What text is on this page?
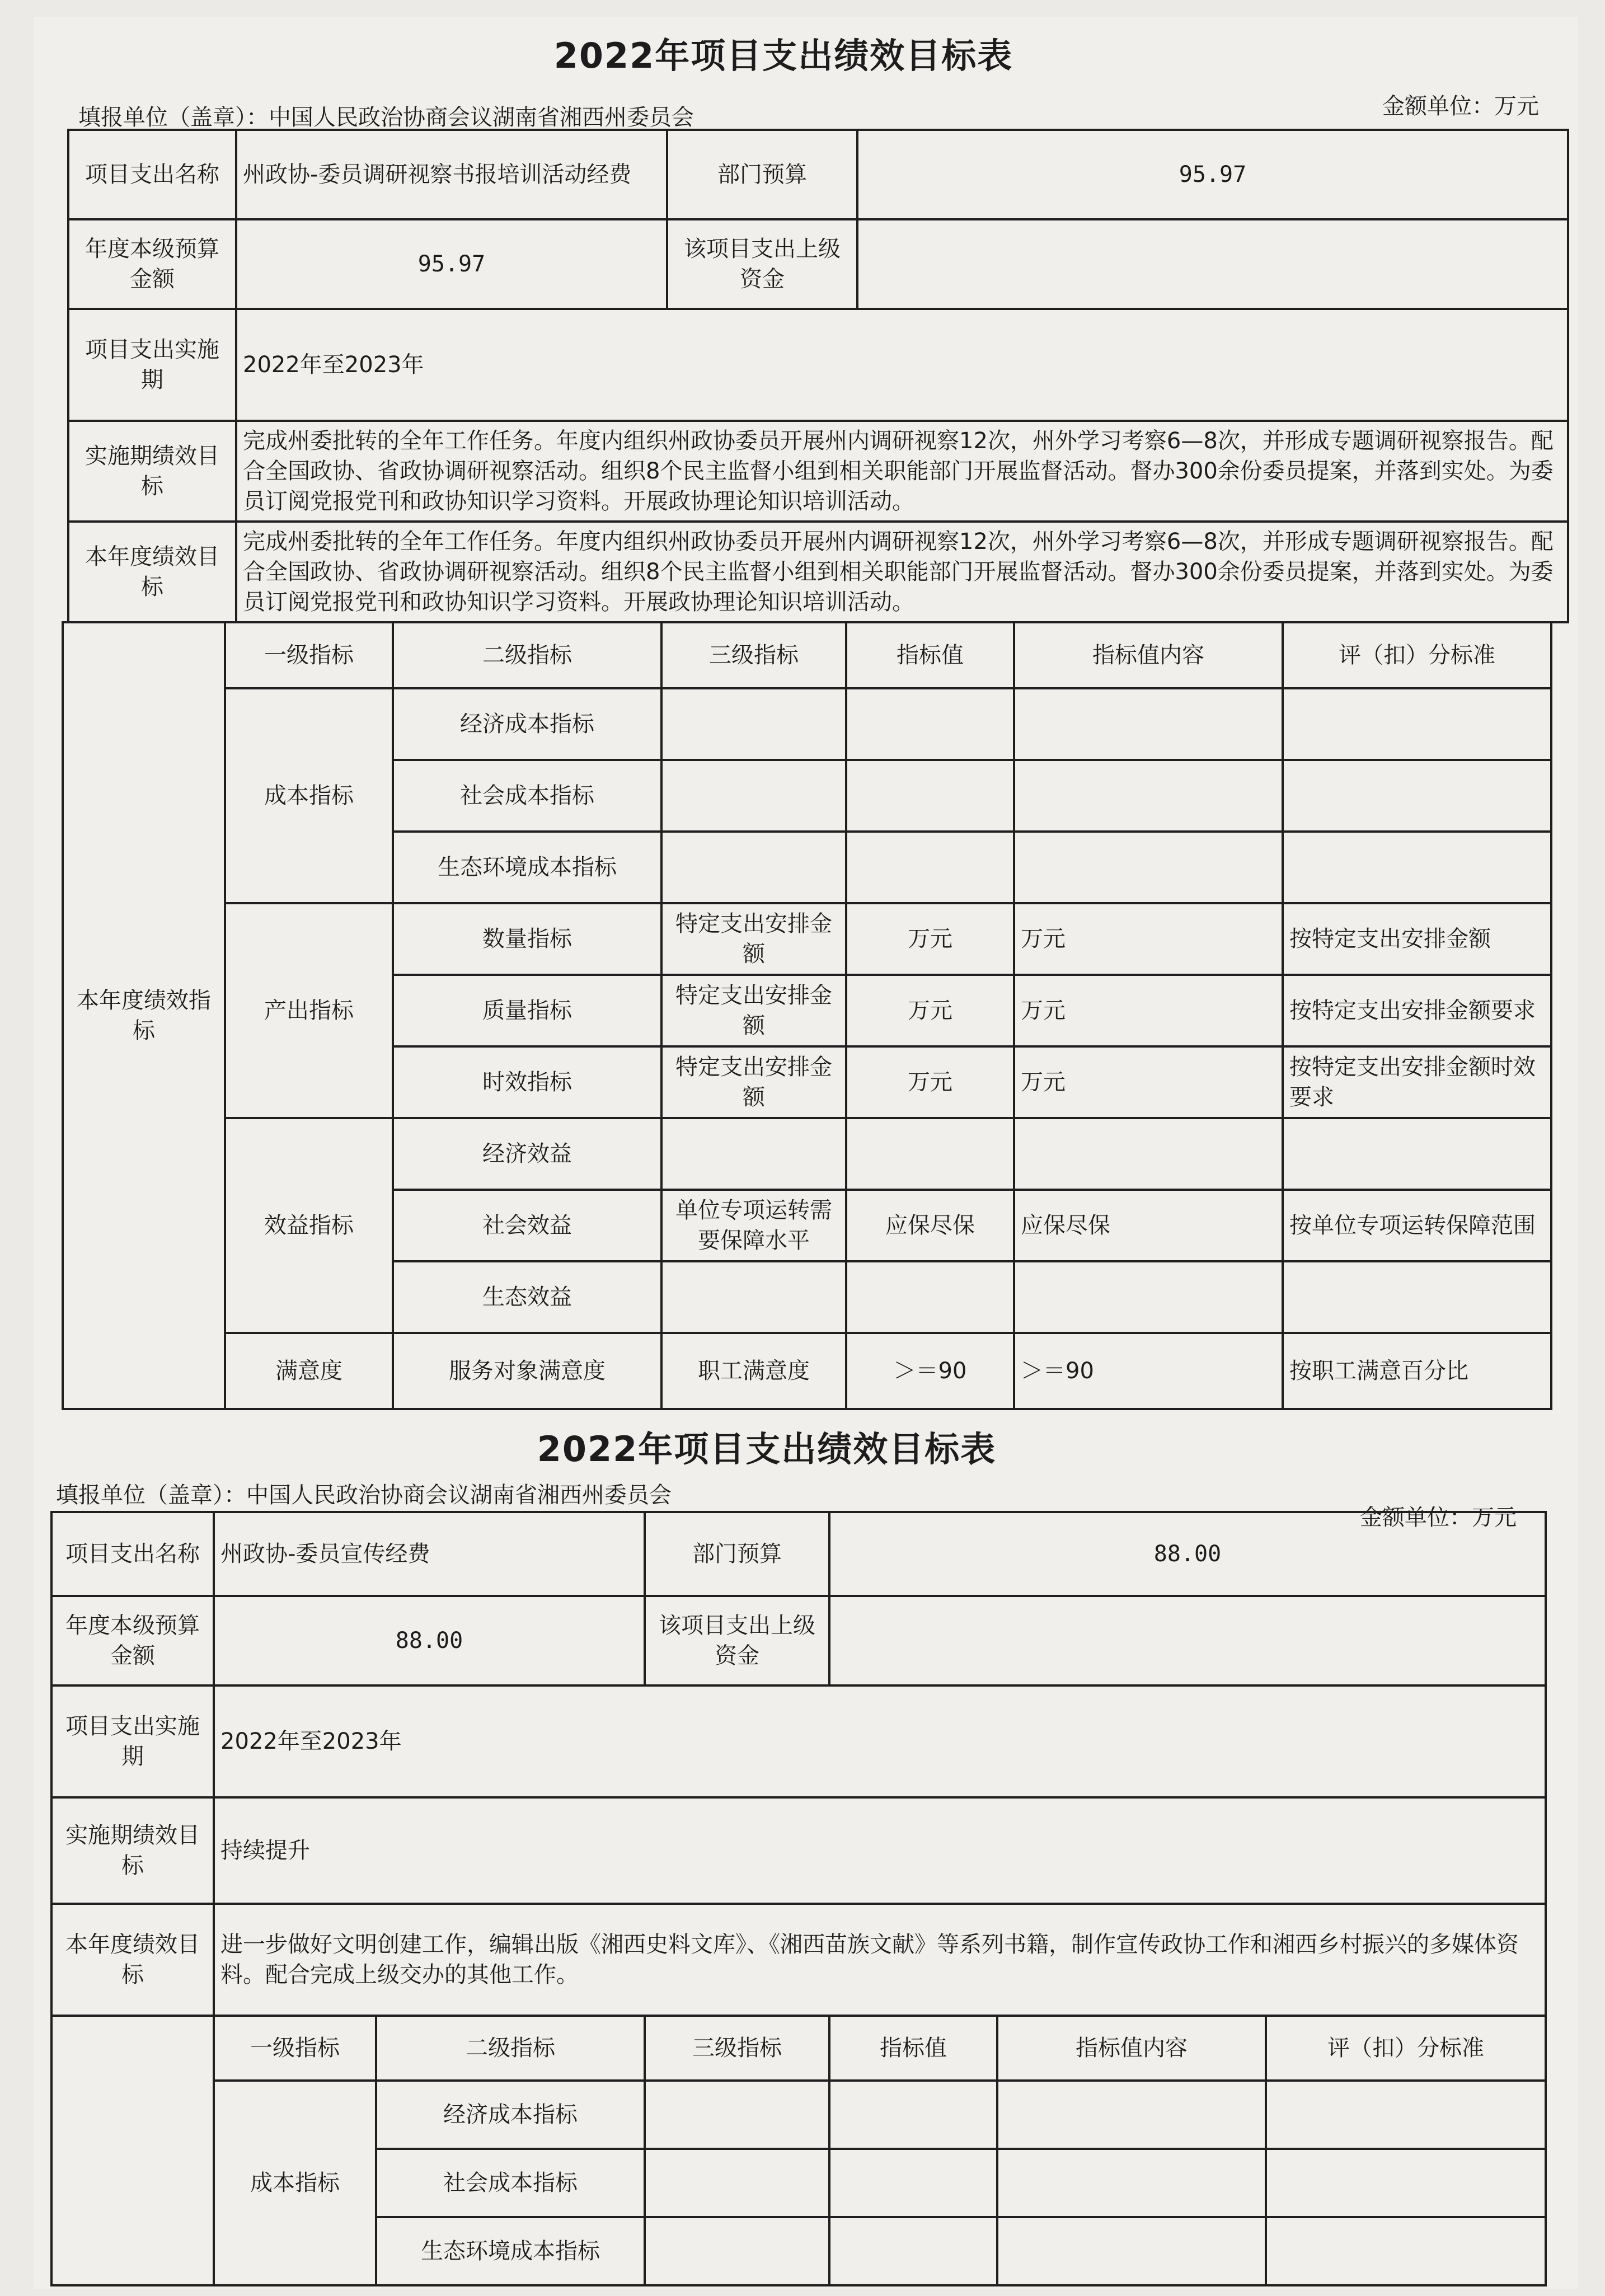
2022年项目支出绩效目标表
填报单位（盖章）：中国人民政治协商会议湖南省湘西州委员会	金额单位：万元
项目支出名称	州政协-委员调研视察书报培训活动经费	部门预算	95.97
年度本级预算金额	95.97	该项目支出上级资金	
项目支出实施期	2022年至2023年		
实施期绩效目标	完成州委批转的全年工作任务。年度内组织州政协委员开展州内调研视察12次，州外学习考察6—8次，并形成专题调研视察报告。配合全国政协、省政协调研视察活动。组织8个民主监督小组到相关职能部门开展监督活动。督办300余份委员提案，并落到实处。为委员订阅党报党刊和政协知识学习资料。开展政协理论知识培训活动。		
本年度绩效目标	完成州委批转的全年工作任务。年度内组织州政协委员开展州内调研视察12次，州外学习考察6—8次，并形成专题调研视察报告。配合全国政协、省政协调研视察活动。组织8个民主监督小组到相关职能部门开展监督活动。督办300余份委员提案，并落到实处。为委员订阅党报党刊和政协知识学习资料。开展政协理论知识培训活动。		
本年度绩效指标	一级指标	二级指标	三级指标	指标值	指标值内容	评（扣）分标准
	成本指标	经济成本指标				
		社会成本指标				
		生态环境成本指标				
	产出指标	数量指标	特定支出安排金额	万元	万元	按特定支出安排金额
		质量指标	特定支出安排金额	万元	万元	按特定支出安排金额要求
		时效指标	特定支出安排金额	万元	万元	按特定支出安排金额时效要求
	效益指标	经济效益				
		社会效益	单位专项运转需要保障水平	应保尽保	应保尽保	按单位专项运转保障范围
		生态效益				
	满意度	服务对象满意度	职工满意度	＞＝90	＞＝90	按职工满意百分比
2022年项目支出绩效目标表
填报单位（盖章）：中国人民政治协商会议湖南省湘西州委员会
金额单位：万元
项目支出名称	州政协-委员宣传经费	部门预算	88.00
年度本级预算金额	88.00	该项目支出上级资金	
项目支出实施期	2022年至2023年		
实施期绩效目标	持续提升		
本年度绩效目标	进一步做好文明创建工作，编辑出版《湘西史料文库》、《湘西苗族文献》等系列书籍，制作宣传政协工作和湘西乡村振兴的多媒体资料。配合完成上级交办的其他工作。		
	一级指标	二级指标	三级指标	指标值	指标值内容	评（扣）分标准
	成本指标	经济成本指标				
		社会成本指标				
		生态环境成本指标				
